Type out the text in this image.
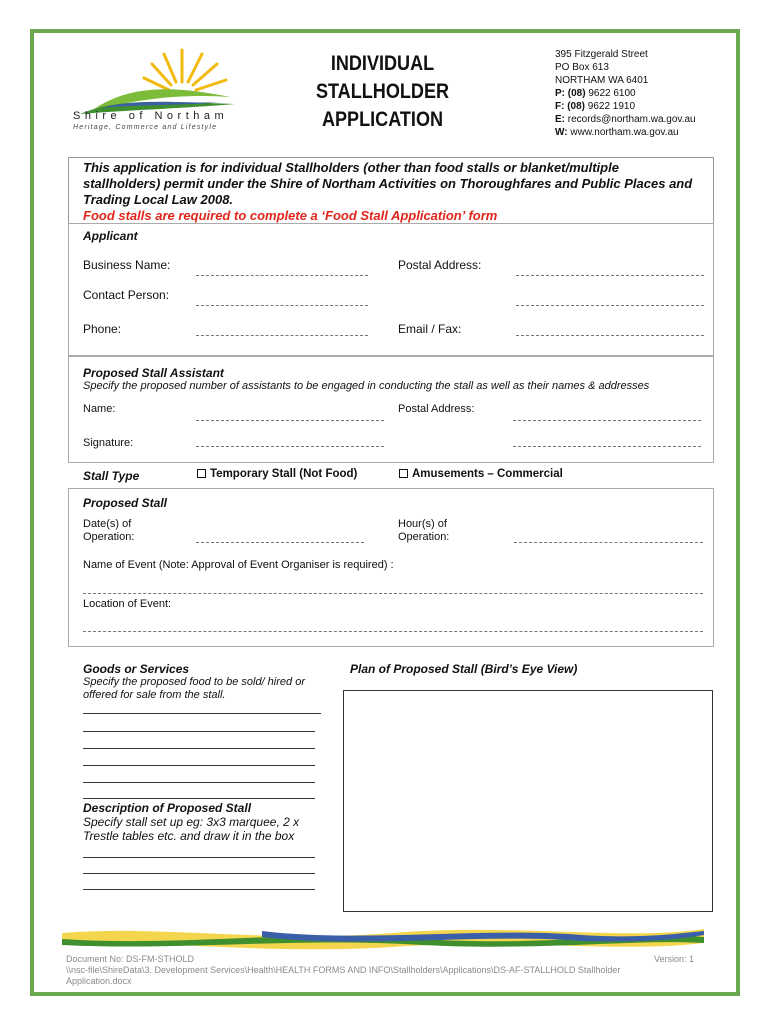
Shire of Northam
Heritage, Commerce and Lifestyle
INDIVIDUAL
STALLHOLDER
APPLICATION
395 Fitzgerald Street
PO Box 613
NORTHAM WA 6401
P: (08) 9622 6100
F: (08) 9622 1910
E: records@northam.wa.gov.au
W: www.northam.wa.gov.au
This application is for individual Stallholders (other than food stalls or blanket/multiple stallholders) permit under the Shire of Northam Activities on Thoroughfares and Public Places and Trading Local Law 2008.
Food stalls are required to complete a ‘Food Stall Application’ form
Applicant
Business Name:	Postal Address:
Contact Person:
Phone:	Email / Fax:
Proposed Stall Assistant
Specify the proposed number of assistants to be engaged in conducting the stall as well as their names & addresses
Name:	Postal Address:
Signature:
Stall Type	Temporary Stall (Not Food)	Amusements – Commercial
Proposed Stall
Date(s) of
Operation:
Hour(s) of
Operation:
Name of Event (Note: Approval of Event Organiser is required) :
Location of Event:
Goods or Services
Specify the proposed food to be sold/ hired or
offered for sale from the stall.
Plan of Proposed Stall (Bird’s Eye View)
Description of Proposed Stall
Specify stall set up eg: 3x3 marquee, 2 x
Trestle tables etc. and draw it in the box
Document No: DS-FM-STHOLD	Version: 1
\\nsc-file\ShireData\3. Development Services\Health\HEALTH FORMS AND INFO\Stallholders\Applications\DS-AF-STALLHOLD Stallholder
Application.docx
